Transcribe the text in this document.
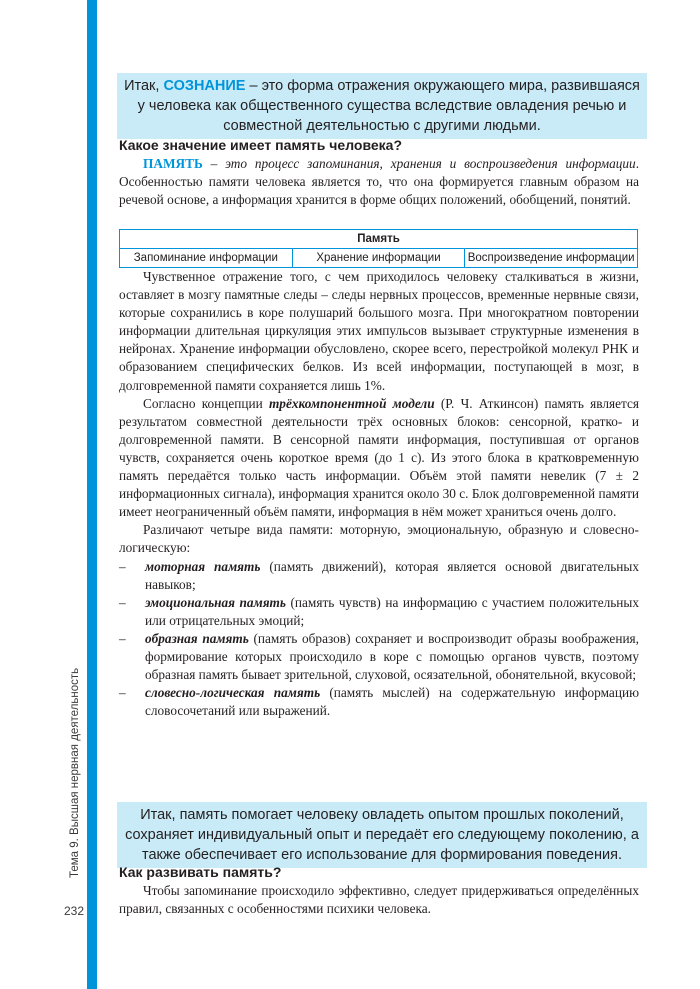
Тема 9. Высшая нервная деятельность
232
Итак, СОЗНАНИЕ – это форма отражения окружающего мира, развившаяся у человека как общественного существа вследствие овладения речью и совместной деятельностью с другими людьми.
Какое значение имеет память человека?

ПАМЯТЬ – это процесс запоминания, хранения и воспроизведения информации. Особенностью памяти человека является то, что она формируется главным образом на речевой основе, а информация хранится в форме общих положений, обобщений, понятий.

Память
Запоминание информации	Хранение информации	Воспроизведение информации

Чувственное отражение того, с чем приходилось человеку сталкиваться в жизни, оставляет в мозгу памятные следы – следы нервных процессов, временные нервные связи, которые сохранились в коре полушарий большого мозга. При многократном повторении информации длительная циркуляция этих импульсов вызывает структурные изменения в нейронах. Хранение информации обусловлено, скорее всего, перестройкой молекул РНК и образованием специфических белков. Из всей информации, поступающей в мозг, в долговременной памяти сохраняется лишь 1%.

Согласно концепции трёхкомпонентной модели (Р. Ч. Аткинсон) память является результатом совместной деятельности трёх основных блоков: сенсорной, кратко- и долговременной памяти. В сенсорной памяти информация, поступившая от органов чувств, сохраняется очень короткое время (до 1 с). Из этого блока в кратковременную память передаётся только часть информации. Объём этой памяти невелик (7 ± 2 информационных сигнала), информация хранится около 30 с. Блок долговременной памяти имеет неограниченный объём памяти, информация в нём может храниться очень долго.

Различают четыре вида памяти: моторную, эмоциональную, образную и словесно-логическую:

– моторная память (память движений), которая является основой двигательных навыков;

– эмоциональная память (память чувств) на информацию с участием положительных или отрицательных эмоций;

– образная память (память образов) сохраняет и воспроизводит образы воображения, формирование которых происходило в коре с помощью органов чувств, поэтому образная память бывает зрительной, слуховой, осязательной, обонятельной, вкусовой;

– словесно-логическая память (память мыслей) на содержательную информацию словосочетаний или выражений.

Итак, память помогает человеку овладеть опытом прошлых поколений, сохраняет индивидуальный опыт и передаёт его следующему поколению, а также обеспечивает его использование для формирования поведения.
Как развивать память?

Чтобы запоминание происходило эффективно, следует придерживаться определённых правил, связанных с особенностями психики человека.
